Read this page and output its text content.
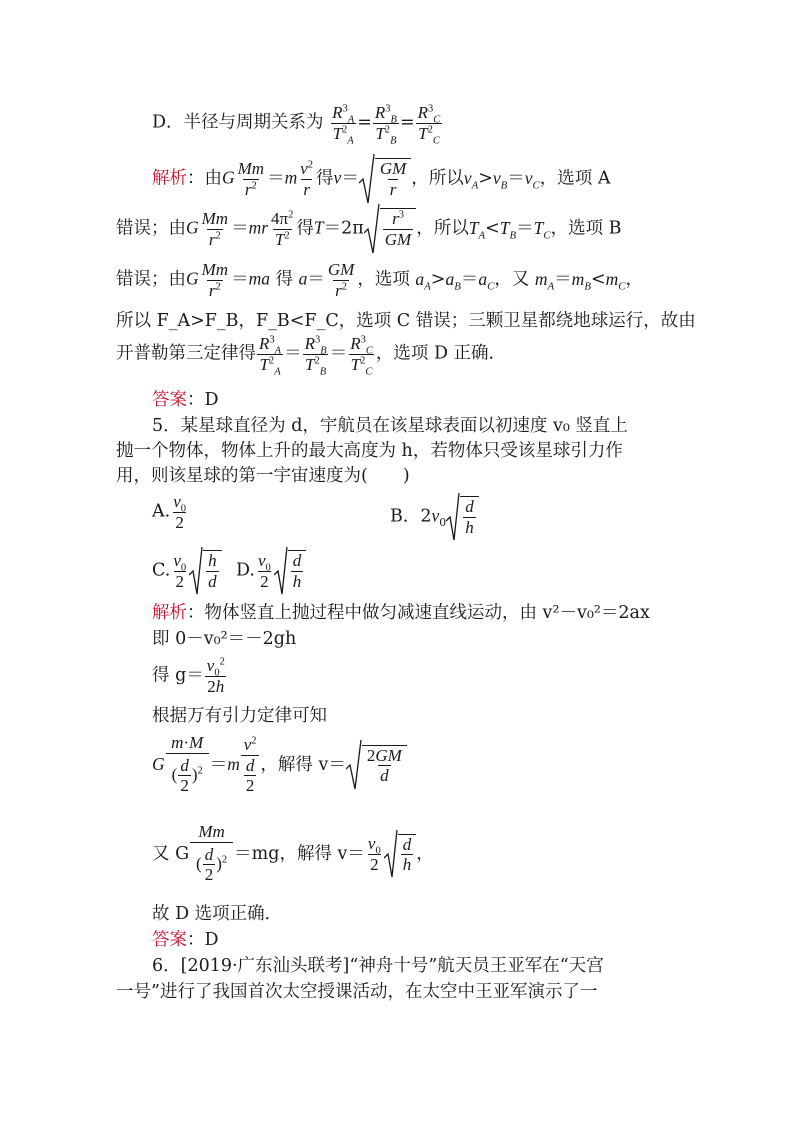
D．半径与周期关系为 $\frac{R^3_A}{T^2_A} = \frac{R^3_B}{T^2_B} = \frac{R^3_C}{T^2_C}$
解析：由G $\frac{Mm}{r^2} =m \frac{v^2}{r}$ 得$v= \frac{GM}{r}$ ，所以$v_A>v_B=v_C$，选项 A
错误；由G $\frac{Mm}{r^2} =mr \frac{4\pi^2}{T^2}$ 得$T=2\pi \frac{r^3}{GM}$ ，所以$T_A<T_B=T_C$，选项 B
错误；由G $\frac{Mm}{r^2} =ma$ 得 $a= \frac{GM}{r^2}$ ，选项 $a_A>a_B=a_C$，又 $m_A=m_B<m_C$，
所以 F_A>F_B，F_B<F_C，选项 C 错误；三颗卫星都绕地球运行，故由
开普勒第三定律得 $\frac{R^3_A}{T^2_A} = \frac{R^3_B}{T^2_B} = \frac{R^3_C}{T^2_C}$ ，选项 D 正确．
答案：D
5．某星球直径为 d，宇航员在该星球表面以初速度 v₀ 竖直上
抛一个物体，物体上升的最大高度为 h，若物体只受该星球引力作
用，则该星球的第一宇宙速度为(　　)
A. $\frac{v_0}{2}$	B．$2v_0 \frac{d}{h}$
C. $\frac{v_0}{2} \frac{h}{d} D$. $\frac{v_0}{2} \frac{d}{h}$
解析：物体竖直上抛过程中做匀减速直线运动，由 v²－v₀²＝2ax
即 0－v₀²＝－2gh
得 $g= \frac{v_0^2}{2h}$
根据万有引力定律可知
G $\frac{m\cdot M}{( \frac{d}{2} )^2} =m \frac{v^2}{\frac{d}{2}}$ ，解得 $v= \frac{2GM}{d}$
又 G $\frac{Mm}{( \frac{d}{2} )^2} =mg$，解得 $v= \frac{v_0}{2} \frac{d}{h}$ ，
故 D 选项正确．
答案：D
6．[2019·广东汕头联考]“神舟十号”航天员王亚军在“天宫
一号”进行了我国首次太空授课活动，在太空中王亚军演示了一
